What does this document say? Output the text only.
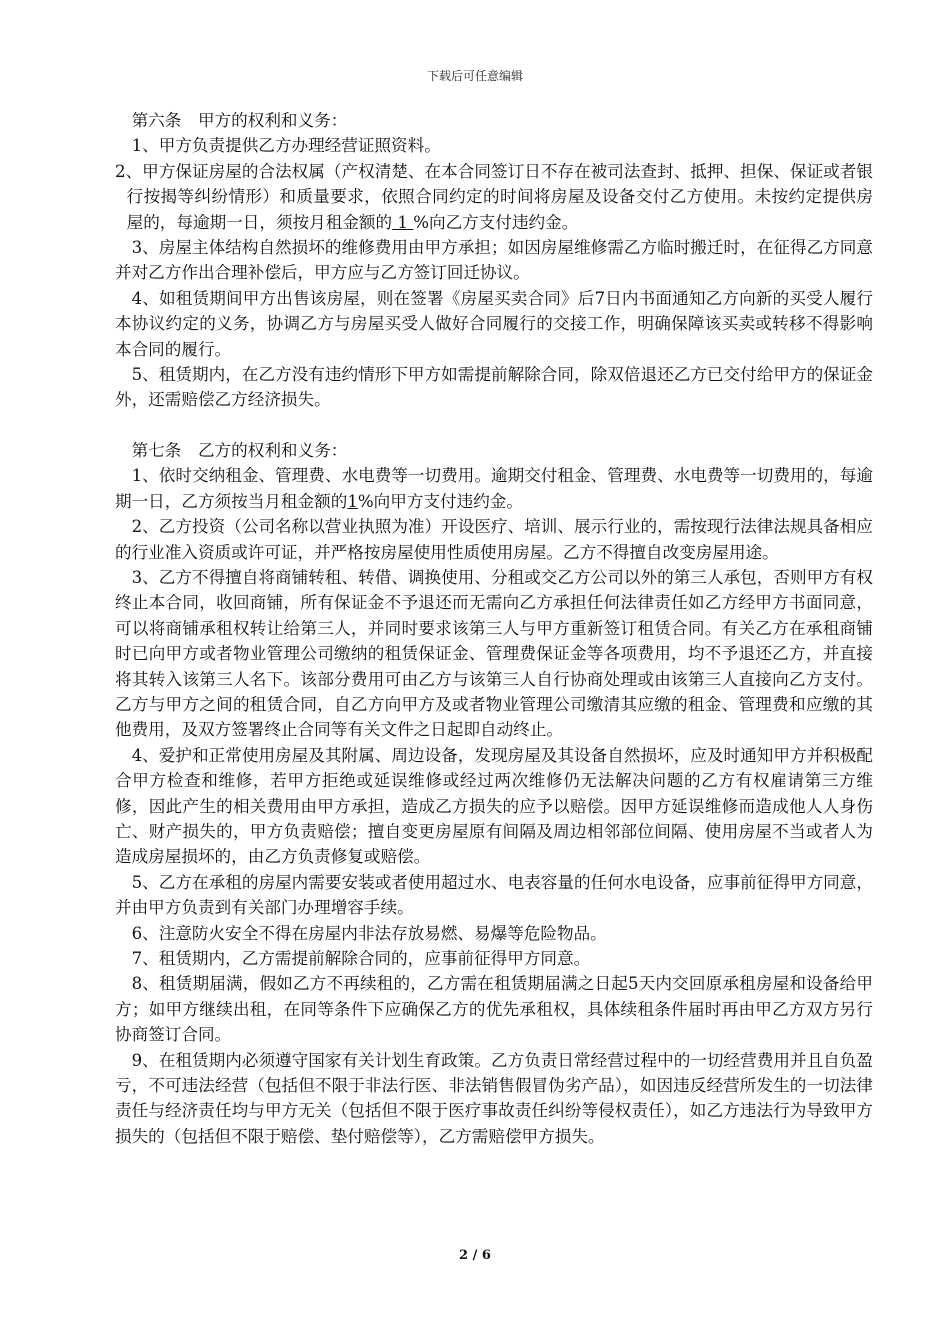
下载后可任意编辑

第六条　甲方的权利和义务：

1、甲方负责提供乙方办理经营证照资料。

2、甲方保证房屋的合法权属（产权清楚、在本合同签订日不存在被司法查封、抵押、担保、保证或者银行按揭等纠纷情形）和质量要求，依照合同约定的时间将房屋及设备交付乙方使用。未按约定提供房屋的，每逾期一日，须按月租金额的 1 %向乙方支付违约金。

3、房屋主体结构自然损坏的维修费用由甲方承担；如因房屋维修需乙方临时搬迁时，在征得乙方同意并对乙方作出合理补偿后，甲方应与乙方签订回迁协议。

4、如租赁期间甲方出售该房屋，则在签署《房屋买卖合同》后7日内书面通知乙方向新的买受人履行本协议约定的义务，协调乙方与房屋买受人做好合同履行的交接工作，明确保障该买卖或转移不得影响本合同的履行。

5、租赁期内，在乙方没有违约情形下甲方如需提前解除合同，除双倍退还乙方已交付给甲方的保证金外，还需赔偿乙方经济损失。

第七条　乙方的权利和义务：

1、依时交纳租金、管理费、水电费等一切费用。逾期交付租金、管理费、水电费等一切费用的，每逾期一日，乙方须按当月租金额的1%向甲方支付违约金。

2、乙方投资（公司名称以营业执照为准）开设医疗、培训、展示行业的，需按现行法律法规具备相应的行业准入资质或许可证，并严格按房屋使用性质使用房屋。乙方不得擅自改变房屋用途。

3、乙方不得擅自将商铺转租、转借、调换使用、分租或交乙方公司以外的第三人承包，否则甲方有权终止本合同，收回商铺，所有保证金不予退还而无需向乙方承担任何法律责任如乙方经甲方书面同意，可以将商铺承租权转让给第三人，并同时要求该第三人与甲方重新签订租赁合同。有关乙方在承租商铺时已向甲方或者物业管理公司缴纳的租赁保证金、管理费保证金等各项费用，均不予退还乙方，并直接将其转入该第三人名下。该部分费用可由乙方与该第三人自行协商处理或由该第三人直接向乙方支付。乙方与甲方之间的租赁合同，自乙方向甲方及或者物业管理公司缴清其应缴的租金、管理费和应缴的其他费用，及双方签署终止合同等有关文件之日起即自动终止。

4、爱护和正常使用房屋及其附属、周边设备，发现房屋及其设备自然损坏，应及时通知甲方并积极配合甲方检查和维修，若甲方拒绝或延误维修或经过两次维修仍无法解决问题的乙方有权雇请第三方维修，因此产生的相关费用由甲方承担，造成乙方损失的应予以赔偿。因甲方延误维修而造成他人人身伤亡、财产损失的，甲方负责赔偿；擅自变更房屋原有间隔及周边相邻部位间隔、使用房屋不当或者人为造成房屋损坏的，由乙方负责修复或赔偿。

5、乙方在承租的房屋内需要安装或者使用超过水、电表容量的任何水电设备，应事前征得甲方同意，并由甲方负责到有关部门办理增容手续。

6、注意防火安全不得在房屋内非法存放易燃、易爆等危险物品。

7、租赁期内，乙方需提前解除合同的，应事前征得甲方同意。

8、租赁期届满，假如乙方不再续租的，乙方需在租赁期届满之日起5天内交回原承租房屋和设备给甲方；如甲方继续出租，在同等条件下应确保乙方的优先承租权，具体续租条件届时再由甲乙方双方另行协商签订合同。

9、在租赁期内必须遵守国家有关计划生育政策。乙方负责日常经营过程中的一切经营费用并且自负盈亏，不可违法经营（包括但不限于非法行医、非法销售假冒伪劣产品），如因违反经营所发生的一切法律责任与经济责任均与甲方无关（包括但不限于医疗事故责任纠纷等侵权责任），如乙方违法行为导致甲方损失的（包括但不限于赔偿、垫付赔偿等），乙方需赔偿甲方损失。

2 / 6
